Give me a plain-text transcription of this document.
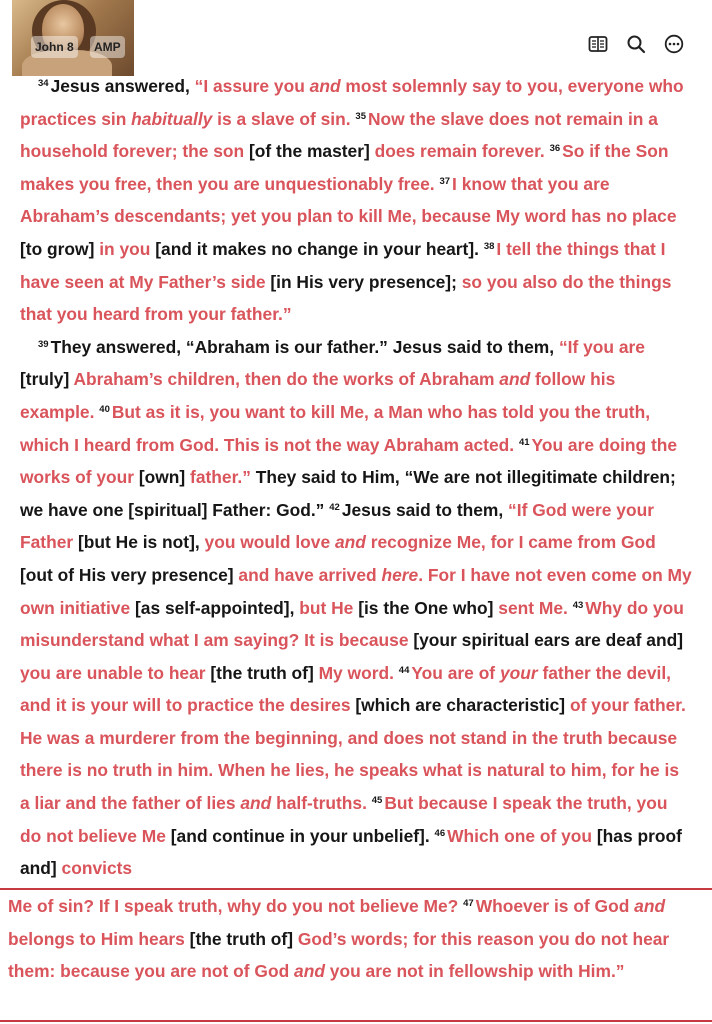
John 8	AMP

$^{34}$ Jesus answered, “I assure you and most solemnly say to you, everyone who practices sin habitually is a slave of sin. $^{35}$ Now the slave does not remain in a household forever; the son [of the master] does remain forever. $^{36}$ So if the Son makes you free, then you are unquestionably free. $^{37}$ I know that you are Abraham’s descendants; yet you plan to kill Me, because My word has no place [to grow] in you [and it makes no change in your heart]. $^{38}$ I tell the things that I have seen at My Father’s side [in His very presence]; so you also do the things that you heard from your father.”

$^{39}$ They answered, “Abraham is our father.” Jesus said to them, “If you are [truly] Abraham’s children, then do the works of Abraham and follow his example. $^{40}$ But as it is, you want to kill Me, a Man who has told you the truth, which I heard from God. This is not the way Abraham acted. $^{41}$ You are doing the works of your [own] father.” They said to Him, “We are not illegitimate children; we have one [spiritual] Father: God.” $^{42}$ Jesus said to them, “If God were your Father [but He is not], you would love and recognize Me, for I came from God [out of His very presence] and have arrived here. For I have not even come on My own initiative [as self-appointed], but He [is the One who] sent Me. $^{43}$ Why do you misunderstand what I am saying? It is because [your spiritual ears are deaf and] you are unable to hear [the truth of] My word. $^{44}$ You are of your father the devil, and it is your will to practice the desires [which are characteristic] of your father. He was a murderer from the beginning, and does not stand in the truth because there is no truth in him. When he lies, he speaks what is natural to him, for he is a liar and the father of lies and half-truths. $^{45}$ But because I speak the truth, you do not believe Me [and continue in your unbelief]. $^{46}$ Which one of you [has proof and] convicts

Me of sin? If I speak truth, why do you not believe Me? $^{47}$ Whoever is of God and belongs to Him hears [the truth of] God’s words; for this reason you do not hear them: because you are not of God and you are not in fellowship with Him.”
